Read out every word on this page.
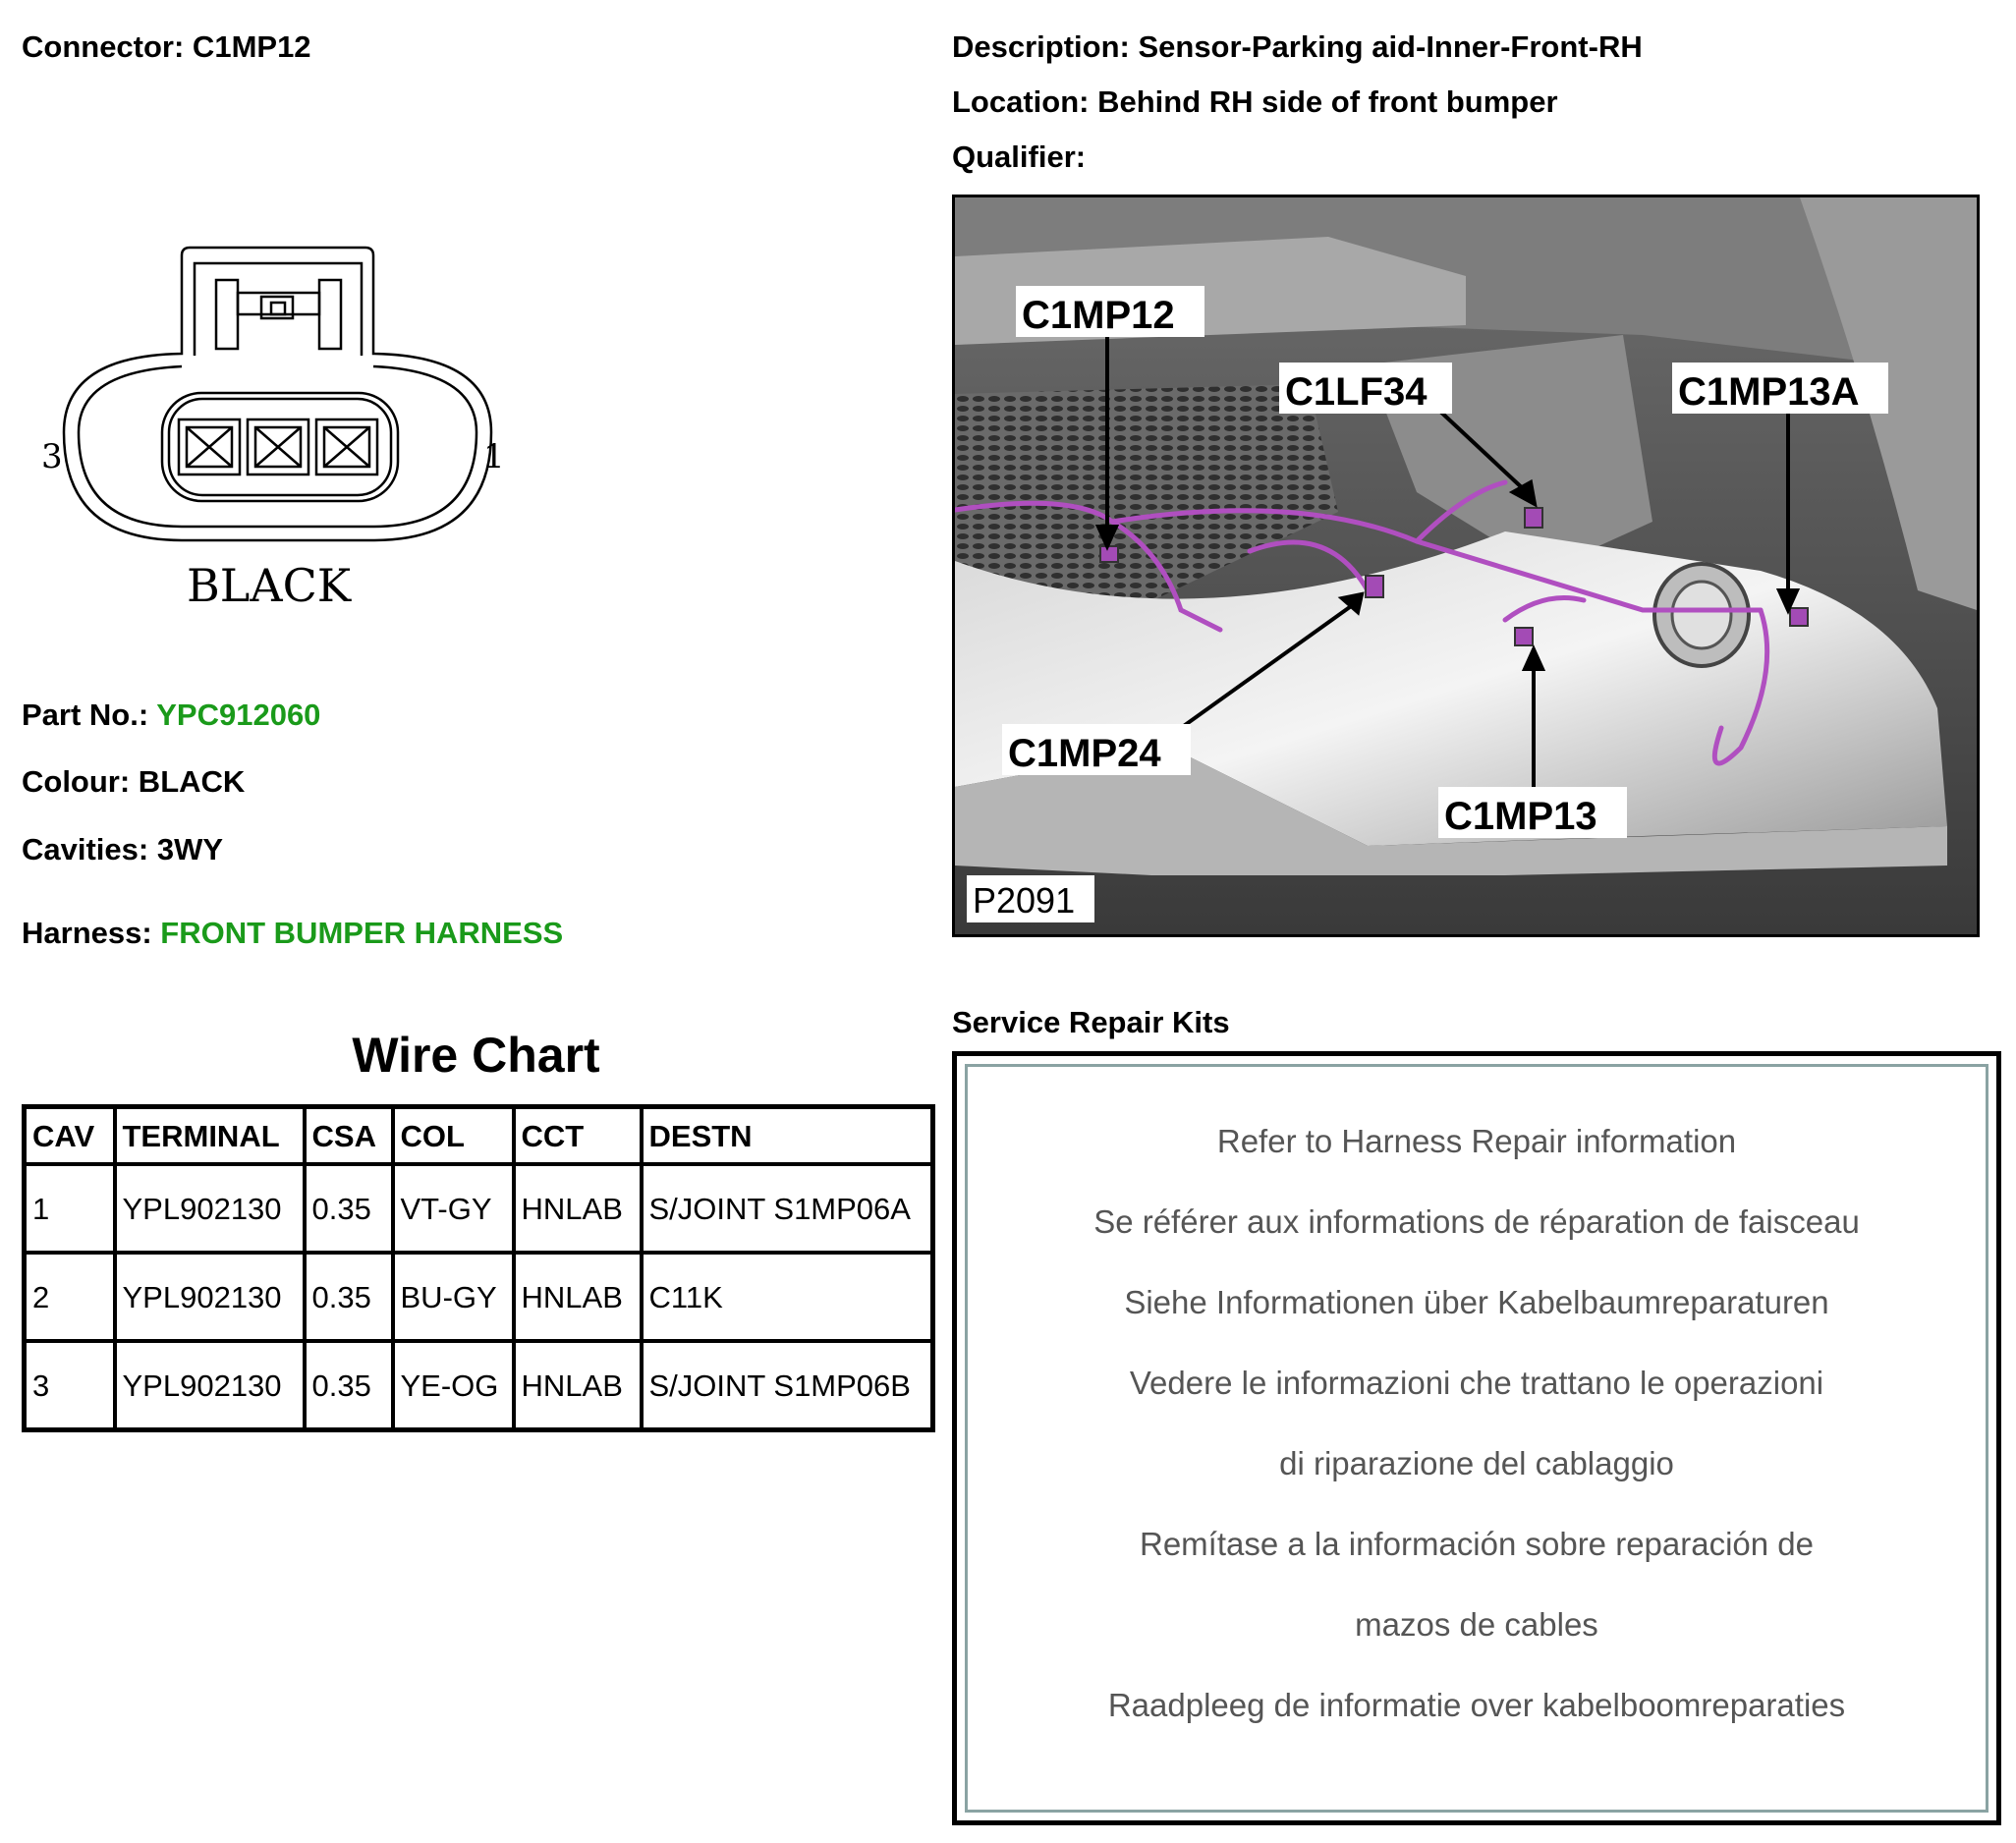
Connector: C1MP12	Description: Sensor-Parking aid-Inner-Front-RH
Location: Behind RH side of front bumper
Qualifier:
3	1
BLACK
Part No.: YPC912060
Colour: BLACK
Cavities: 3WY
Harness: FRONT BUMPER HARNESS
Wire Chart
CAV	TERMINAL	CSA	COL	CCT	DESTN
1	YPL902130	0.35	VT-GY	HNLAB	S/JOINT S1MP06A
2	YPL902130	0.35	BU-GY	HNLAB	C11K
3	YPL902130	0.35	YE-OG	HNLAB	S/JOINT S1MP06B
C1MP12
C1LF34	C1MP13A
C1MP24
C1MP13
P2091
Service Repair Kits
Refer to Harness Repair information
Se référer aux informations de réparation de faisceau
Siehe Informationen über Kabelbaumreparaturen
Vedere le informazioni che trattano le operazioni
di riparazione del cablaggio
Remítase a la información sobre reparación de
mazos de cables
Raadpleeg de informatie over kabelboomreparaties
